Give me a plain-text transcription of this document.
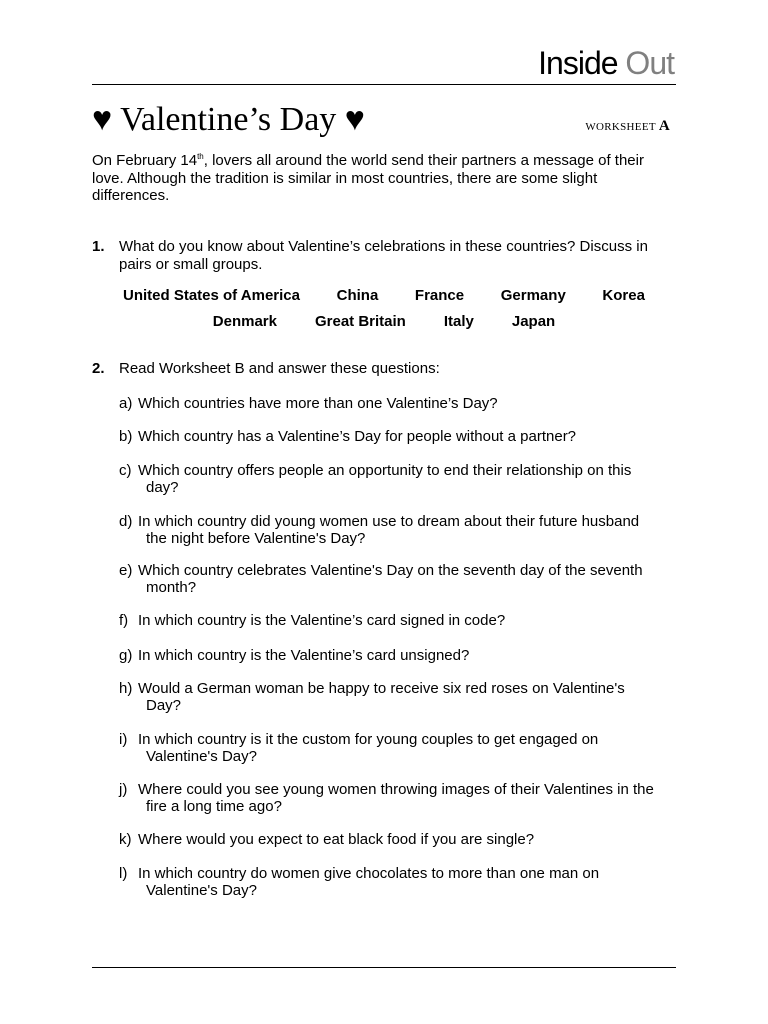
Inside Out
♥ Valentine’s Day ♥	WORKSHEET A

On February 14th, lovers all around the world send their partners a message of their love. Although the tradition is similar in most countries, there are some slight differences.

1. What do you know about Valentine’s celebrations in these countries? Discuss in pairs or small groups.
United States of America China France Germany Korea
Denmark	Great Britain	Italy	Japan
2. Read Worksheet B and answer these questions:
a) Which countries have more than one Valentine’s Day?
b) Which country has a Valentine’s Day for people without a partner?
c) Which country offers people an opportunity to end their relationship on this day?
d) In which country did young women use to dream about their future husband the night before Valentine's Day?
e) Which country celebrates Valentine's Day on the seventh day of the seventh month?
f) In which country is the Valentine’s card signed in code?
g) In which country is the Valentine’s card unsigned?
h) Would a German woman be happy to receive six red roses on Valentine's Day?
i) In which country is it the custom for young couples to get engaged on Valentine's Day?
j) Where could you see young women throwing images of their Valentines in the fire a long time ago?
k) Where would you expect to eat black food if you are single?
l) In which country do women give chocolates to more than one man on Valentine's Day?
